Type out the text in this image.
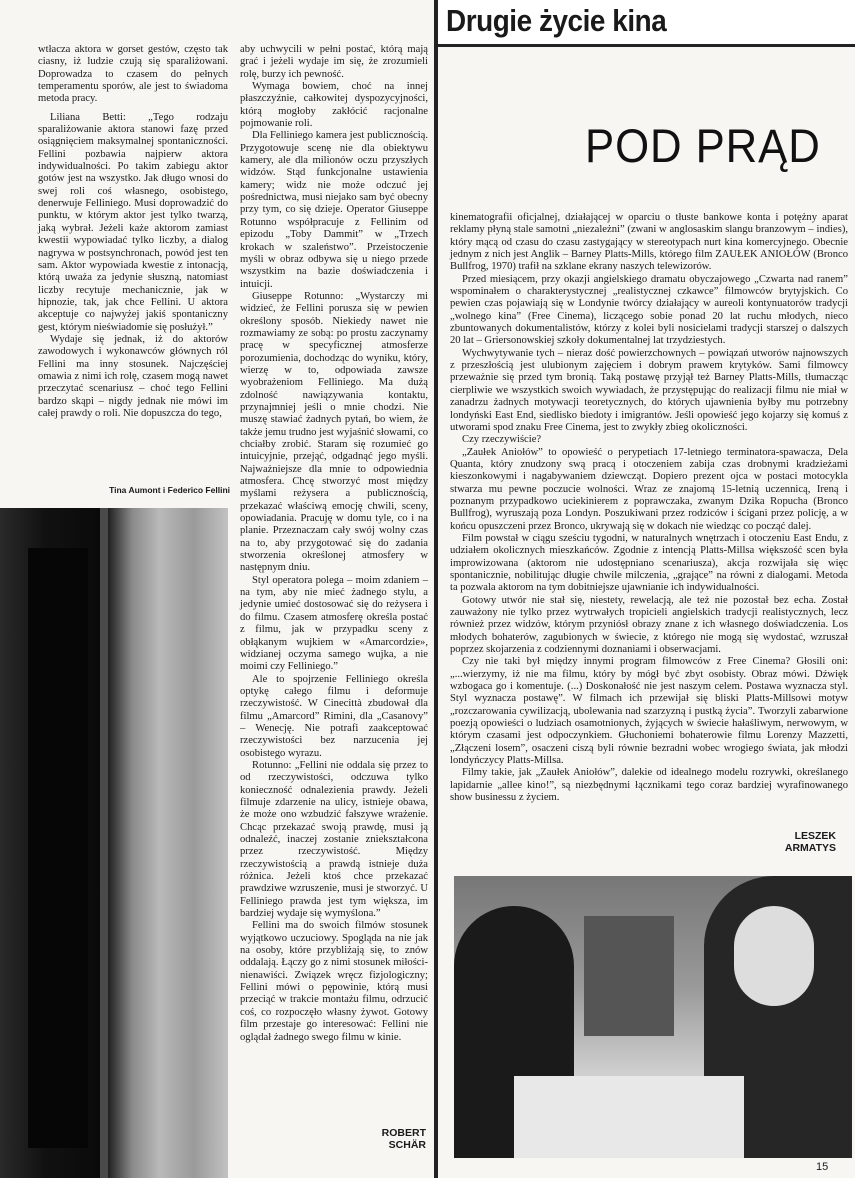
wtłacza aktora w gorset gestów, często tak ciasny, iż ludzie czują się sparaliżowani. Doprowadza to czasem do pełnych temperamentu sporów, ale jest to świadoma metoda pracy.

Liliana Betti: „Tego rodzaju sparaliżowanie aktora stanowi fazę przed osiągnięciem maksymalnej spontaniczności. Fellini pozbawia najpierw aktora indywidualności. Po takim zabiegu aktor gotów jest na wszystko. Jak długo wnosi do swej roli coś własnego, osobistego, denerwuje Felliniego. Musi doprowadzić do punktu, w którym aktor jest tylko twarzą, jaką wybrał. Jeżeli każe aktorom zamiast kwestii wypowiadać tylko liczby, a dialog nagrywa w postsynchronach, powód jest ten sam. Aktor wypowiada kwestie z intonacją, którą uważa za jedynie słuszną, natomiast liczby recytuje mechanicznie, jak w hipnozie, tak, jak chce Fellini. U aktora akceptuje co najwyżej jakiś spontaniczny gest, którym nieświadomie się posłużył.”

Wydaje się jednak, iż do aktorów zawodowych i wykonawców głównych ról Fellini ma inny stosunek. Najczęściej omawia z nimi ich rolę, czasem mogą nawet przeczytać scenariusz – choć tego Fellini bardzo skąpi – nigdy jednak nie mówi im całej prawdy o roli. Nie dopuszcza do tego,

Tina Aumont i Federico Fellini

aby uchwycili w pełni postać, którą mają grać i jeżeli wydaje im się, że zrozumieli rolę, burzy ich pewność.

Wymaga bowiem, choć na innej płaszczyźnie, całkowitej dyspozycyjności, którą mogłoby zakłócić racjonalne pojmowanie roli.

Dla Felliniego kamera jest publicznością. Przygotowuje scenę nie dla obiektywu kamery, ale dla milionów oczu przyszłych widzów. Stąd funkcjonalne ustawienia kamery; widz nie może odczuć jej pośrednictwa, musi niejako sam być obecny przy tym, co się dzieje. Operator Giuseppe Rotunno współpracuje z Fellinim od epizodu „Toby Dammit” w „Trzech krokach w szaleństwo”. Przeistoczenie myśli w obraz odbywa się u niego przede wszystkim na bazie doświadczenia i intuicji.

Giuseppe Rotunno: „Wystarczy mi widzieć, że Fellini porusza się w pewien określony sposób. Niekiedy nawet nie rozmawiamy ze sobą: po prostu zaczynamy pracę w specyficznej atmosferze porozumienia, dochodząc do wyniku, który, wierzę w to, odpowiada zawsze wyobrażeniom Felliniego. Ma dużą zdolność nawiązywania kontaktu, przynajmniej jeśli o mnie chodzi. Nie muszę stawiać żadnych pytań, bo wiem, że także jemu trudno jest wyjaśnić słowami, co chciałby zrobić. Staram się rozumieć go intuicyjnie, przejąć, odgadnąć jego myśli. Najważniejsze dla mnie to odpowiednia atmosfera. Chcę stworzyć most między myślami reżysera a publicznością, przekazać właściwą emocję chwili, sceny, opowiadania. Pracuję w domu tyle, co i na planie. Przeznaczam cały swój wolny czas na to, aby przygotować się do zadania stworzenia określonej atmosfery w następnym dniu.

Styl operatora polega – moim zdaniem – na tym, aby nie mieć żadnego stylu, a jedynie umieć dostosować się do reżysera i do filmu. Czasem atmosferę określa postać z filmu, jak w przypadku sceny z obłąkanym wujkiem w «Amarcordzie», widzianej oczyma samego wujka, a nie moimi czy Felliniego.”

Ale to spojrzenie Felliniego określa optykę całego filmu i deformuje rzeczywistość. W Cinecittà zbudował dla filmu „Amarcord” Rimini, dla „Casanovy” – Wenecję. Nie potrafi zaakceptować rzeczywistości bez narzucenia jej osobistego wyrazu.

Rotunno: „Fellini nie oddala się przez to od rzeczywistości, odczuwa tylko konieczność odnalezienia prawdy. Jeżeli filmuje zdarzenie na ulicy, istnieje obawa, że może ono wzbudzić fałszywe wrażenie. Chcąc przekazać swoją prawdę, musi ją odnaleźć, inaczej zostanie zniekształcona przez rzeczywistość. Między rzeczywistością a prawdą istnieje duża różnica. Jeżeli ktoś chce przekazać prawdziwe wzruszenie, musi je stworzyć. U Felliniego prawda jest tym większa, im bardziej wydaje się wymyślona.”

Fellini ma do swoich filmów stosunek wyjątkowo uczuciowy. Spogląda na nie jak na osoby, które przybliżają się, to znów oddalają. Łączy go z nimi stosunek miłości-nienawiści. Związek wręcz fizjologiczny; Fellini mówi o pępowinie, którą musi przeciąć w trakcie montażu filmu, odrzucić coś, co rozpoczęło własny żywot. Gotowy film przestaje go interesować: Fellini nie oglądał żadnego swego filmu w kinie.

ROBERT
SCHÄR
Drugie życie kina
POD PRĄD

kinematografii oficjalnej, działającej w oparciu o tłuste bankowe konta i potężny aparat reklamy płyną stale samotni „niezależni” (zwani w anglosaskim slangu branzowym – indies), który mącą od czasu do czasu zastygający w stereotypach nurt kina komercyjnego. Obecnie jednym z nich jest Anglik – Barney Platts-Mills, którego film ZAUŁEK ANIOŁÓW (Bronco Bullfrog, 1970) trafił na szklane ekrany naszych telewizorów.

Przed miesiącem, przy okazji angielskiego dramatu obyczajowego „Czwarta nad ranem” wspominałem o charakterystycznej „realistycznej czkawce” filmowców brytyjskich. Co pewien czas pojawiają się w Londynie twórcy działający w aureoli kontynuatorów tradycji „wolnego kina” (Free Cinema), liczącego sobie ponad 20 lat ruchu młodych, nieco zbuntowanych dokumentalistów, którzy z kolei byli nosicielami tradycji starszej o dalszych 20 lat – Griersonowskiej szkoły dokumentalnej lat trzydziestych.

Wychwytywanie tych – nieraz dość powierzchownych – powiązań utworów najnowszych z przeszłością jest ulubionym zajęciem i dobrym prawem krytyków. Sami filmowcy przeważnie się przed tym bronią. Taką postawę przyjął też Barney Platts-Mills, tłumacząc cierpliwie we wszystkich swoich wywiadach, że przystępując do realizacji filmu nie miał w zanadrzu żadnych motywacji teoretycznych, do których ujawnienia byłby mu potrzebny londyński East End, siedlisko biedoty i imigrantów. Jeśli opowieść jego kojarzy się komuś z utworami spod znaku Free Cinema, jest to zwykły zbieg okoliczności.

Czy rzeczywiście?

„Zaułek Aniołów” to opowieść o perypetiach 17-letniego terminatora-spawacza, Dela Quanta, który znudzony swą pracą i otoczeniem zabija czas drobnymi kradzieżami kieszonkowymi i nagabywaniem dziewcząt. Dopiero prezent ojca w postaci motocykla stwarza mu pewne poczucie wolności. Wraz ze znajomą 15-letnią uczennicą, Ireną i poznanym przypadkowo uciekinierem z poprawczaka, zwanym Dzika Ropucha (Bronco Bullfrog), wyruszają poza Londyn. Poszukiwani przez rodziców i ścigani przez policję, a w końcu opuszczeni przez Bronco, ukrywają się w dokach nie wiedząc co począć dalej.

Film powstał w ciągu sześciu tygodni, w naturalnych wnętrzach i otoczeniu East Endu, z udziałem okolicznych mieszkańców. Zgodnie z intencją Platts-Millsa większość scen była improwizowana (aktorom nie udostępniano scenariusza), akcja rozwijała się więc spontanicznie, nobilitując długie chwile milczenia, „grające” na równi z dialogami. Metoda ta pozwala aktorom na tym dobitniejsze ujawnianie ich indywidualności.

Gotowy utwór nie stał się, niestety, rewelacją, ale też nie pozostał bez echa. Został zauważony nie tylko przez wytrwałych tropicieli angielskich tradycji realistycznych, lecz również przez widzów, którym przyniósł obrazy znane z ich własnego doświadczenia. Los młodych bohaterów, zagubionych w świecie, z którego nie mogą się wydostać, wzruszał poprzez skojarzenia z codziennymi doznaniami i obserwacjami.

Czy nie taki był między innymi program filmowców z Free Cinema? Głosili oni: „...wierzymy, iż nie ma filmu, który by mógł być zbyt osobisty. Obraz mówi. Dźwięk wzbogaca go i komentuje. (...) Doskonałość nie jest naszym celem. Postawa wyznacza styl. Styl wyznacza postawę”. W filmach ich przewijał się bliski Platts-Millsowi motyw „rozczarowania cywilizacją, ubolewania nad szarzyzną i pustką życia”. Tworzyli zabarwione poezją opowieści o ludziach osamotnionych, żyjących w świecie hałaśliwym, nerwowym, w którym czasami jest odpoczynkiem. Głuchoniemi bohaterowie filmu Lorenzy Mazzetti, „Złączeni losem”, osaczeni ciszą byli równie bezradni wobec wrogiego świata, jak młodzi londyńczycy Platts-Millsa.

Filmy takie, jak „Zaułek Aniołów”, dalekie od idealnego modelu rozrywki, określanego lapidarnie „allee kino!”, są niezbędnymi łącznikami tego coraz bardziej wyrafinowanego show businessu z życiem.

LESZEK
ARMATYS
15
